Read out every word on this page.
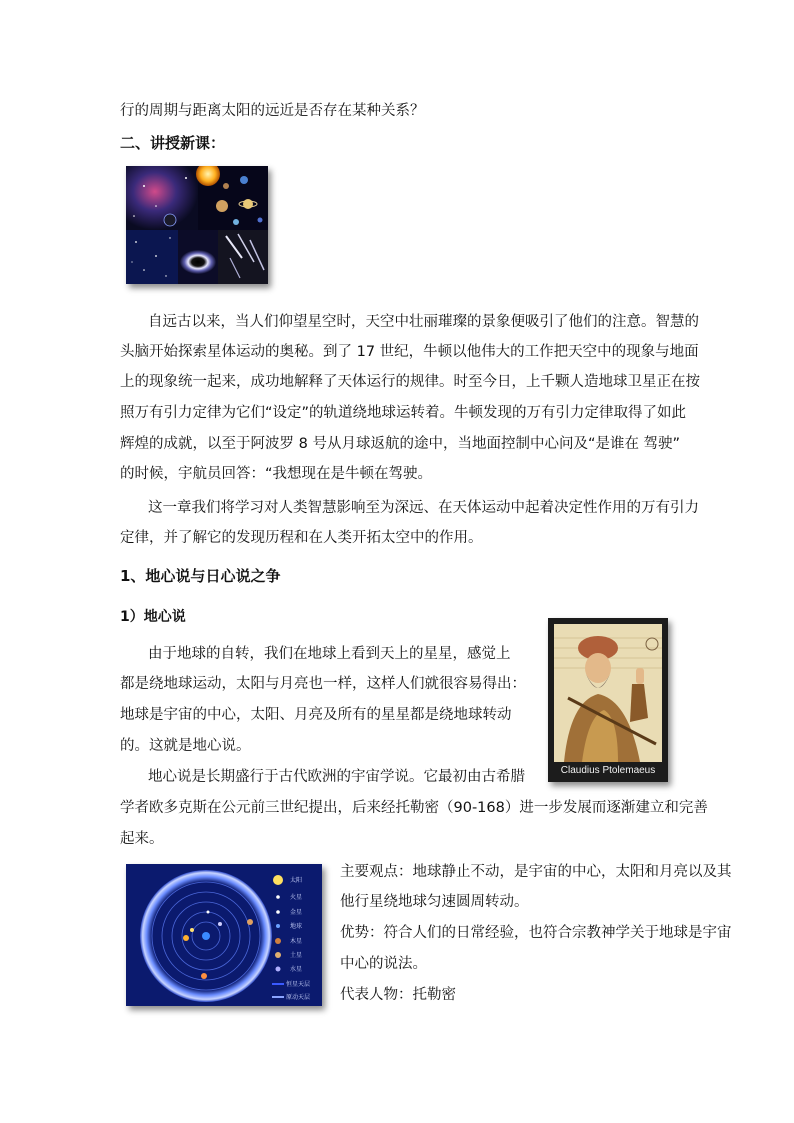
行的周期与距离太阳的远近是否存在某种关系？
二、讲授新课：
自远古以来，当人们仰望星空时，天空中壮丽璀璨的景象便吸引了他们的注意。智慧的
头脑开始探索星体运动的奥秘。到了 17 世纪，牛顿以他伟大的工作把天空中的现象与地面
上的现象统一起来，成功地解释了天体运行的规律。时至今日，上千颗人造地球卫星正在按
照万有引力定律为它们“设定”的轨道绕地球运转着。牛顿发现的万有引力定律取得了如此
辉煌的成就，以至于阿波罗 8 号从月球返航的途中，当地面控制中心问及“是谁在 驾驶”
的时候，宇航员回答：“我想现在是牛顿在驾驶。
这一章我们将学习对人类智慧影响至为深远、在天体运动中起着决定性作用的万有引力
定律，并了解它的发现历程和在人类开拓太空中的作用。
1、地心说与日心说之争
1）地心说
由于地球的自转，我们在地球上看到天上的星星，感觉上
都是绕地球运动，太阳与月亮也一样，这样人们就很容易得出：
地球是宇宙的中心，太阳、月亮及所有的星星都是绕地球转动
的。这就是地心说。
地心说是长期盛行于古代欧洲的宇宙学说。它最初由古希腊
学者欧多克斯在公元前三世纪提出，后来经托勒密（90-168）进一步发展而逐渐建立和完善
起来。
Claudius Ptolemaeus
太阳
火星
金星
地球
木星
土星
水星
恒星天层
原动天层
主要观点：地球静止不动，是宇宙的中心，太阳和月亮以及其
他行星绕地球匀速圆周转动。
优势：符合人们的日常经验，也符合宗教神学关于地球是宇宙
中心的说法。
代表人物：托勒密
